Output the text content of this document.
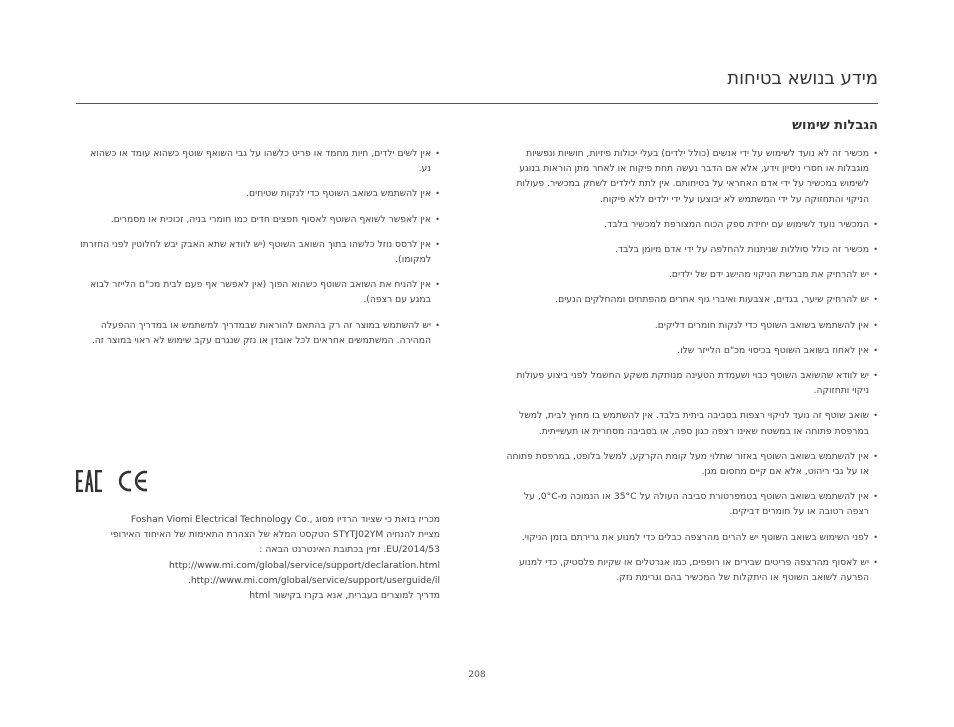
מידע בנושא בטיחות
הגבלות שימוש
• מכשיר זה לא נועד לשימוש על ידי אנשים (כולל ילדים) בעלי יכולות פיזיות, חושיות ונפשיות מוגבלות או חסרי ניסיון וידע, אלא אם הדבר נעשה תחת פיקוח או לאחר מתן הוראות בנוגע לשימוש במכשיר על ידי אדם האחראי על בטיחותם. אין לתת לילדים לשחק במכשיר. פעולות הניקוי והתחזוקה על ידי המשתמש לא יבוצעו על ידי ילדים ללא פיקוח.
• המכשיר נועד לשימוש עם יחידת ספק הכוח המצורפת למכשיר בלבד.
• מכשיר זה כולל סוללות שניתנות להחלפה על ידי אדם מיומן בלבד.
• יש להרחיק את מברשת הניקוי מהישג ידם של ילדים.
• יש להרחיק שיער, בגדים, אצבעות ואיברי גוף אחרים מהפתחים ומהחלקים הנעים.
• אין להשתמש בשואב השוטף כדי לנקות חומרים דליקים.
• אין לאחוז בשואב השוטף בכיסוי מכ"ם הלייזר שלו.
• יש לוודא שהשואב השוטף כבוי ושעמדת הטעינה מנותקת משקע החשמל לפני ביצוע פעולות ניקוי ותחזוקה.
• שואב שוטף זה נועד לניקוי רצפות בסביבה ביתית בלבד. אין להשתמש בו מחוץ לבית, למשל במרפסת פתוחה או במשטח שאינו רצפה כגון ספה, או בסביבה מסחרית או תעשייתית.
• אין להשתמש בשואב השוטף באזור שתלוי מעל קומת הקרקע, למשל בלופט, במרפסת פתוחה או על גבי ריהוט, אלא אם קיים מחסום מגן.
• אין להשתמש בשואב השוטף בטמפרטורת סביבה העולה על 35°C או הנמוכה מ-0°C, על רצפה רטובה או על חומרים דביקים.
• לפני השימוש בשואב השוטף יש להרים מהרצפה כבלים כדי למנוע את גרירתם בזמן הניקוי.
• יש לאסוף מהרצפה פריטים שבירים או רופפים, כמו אגרטלים או שקיות פלסטיק, כדי למנוע הפרעה לשואב השוטף או היתקלות של המכשיר בהם וגרימת נזק.
• אין לשים ילדים, חיות מחמד או פריט כלשהו על גבי השואף שוטף כשהוא עומד או כשהוא נע.
• אין להשתמש בשואב השוטף כדי לנקות שטיחים.
• אין לאפשר לשואף השוטף לאסוף חפצים חדים כמו חומרי בניה, זכוכית או מסמרים.
• אין לרסס נוזל כלשהו בתוך השואב השוטף (יש לוודא שתא האבק יבש לחלוטין לפני החזרתו למקומו).
• אין להניח את השואב השוטף כשהוא הפוך (אין לאפשר אף פעם לבית מכ"ם הלייזר לבוא במגע עם רצפה).
• יש להשתמש במוצר זה רק בהתאם להוראות שבמדריך למשתמש או במדריך ההפעלה המהירה. המשתמשים אחראים לכל אובדן או נזק שנגרם עקב שימוש לא ראוי במוצר זה.

מכריז בזאת כי שציוד הרדיו מסוג ,.Foshan Viomi Electrical Technology Co

מציית להנחיה STYTJ02YM הטקסט המלא של הצהרת התאימות של האיחוד האירופי

2014/53/EU. זמין בכתובת האינטרנט הבאה :

http://www.mi.com/global/service/support/declaration.html

http://www.mi.com/global/service/support/userguide/il.

מדריך למוצרים בעברית, אנא בקרו בקישור html

208
